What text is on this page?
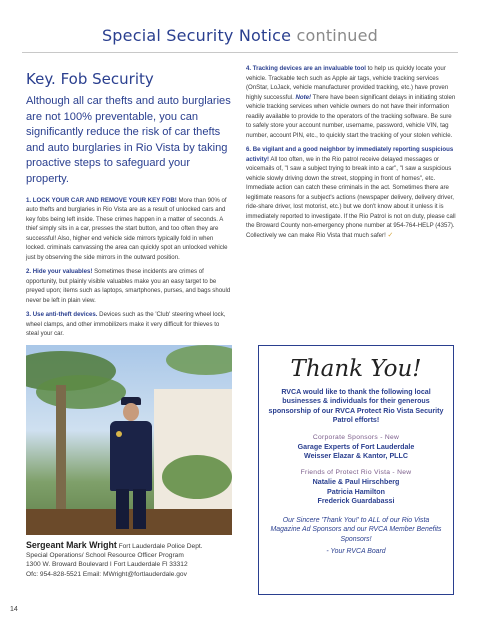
Special Security Notice continued
Key. Fob Security
Although all car thefts and auto burglaries are not 100% preventable, you can significantly reduce the risk of car thefts and auto burglaries in Rio Vista by taking proactive steps to safeguard your property.

1. LOCK YOUR CAR AND REMOVE YOUR KEY FOB! More than 90% of auto thefts and burglaries in Rio Vista are as a result of unlocked cars and key fobs being left inside. These crimes happen in a matter of seconds. A thief simply sits in a car, presses the start button, and too often they are successful! Also, higher end vehicle side mirrors typically fold in when locked. criminals canvassing the area can quickly spot an unlocked vehicle just by observing the side mirrors in the outward position.

2. Hide your valuables! Sometimes these incidents are crimes of opportunity, but plainly visible valuables make you an easy target to be preyed upon; items such as laptops, smartphones, purses, and bags should never be left in plain view.

3. Use anti-theft devices. Devices such as the 'Club' steering wheel lock, wheel clamps, and other immobilizers make it very difficult for thieves to steal your car.

Sergeant Mark Wright Fort Lauderdale Police Dept.
Special Operations/ School Resource Officer Program
1300 W. Broward Boulevard I Fort Lauderdale Fl 33312
Ofc: 954-828-5521 Email: MWright@fortlauderdale.gov

4. Tracking devices are an invaluable tool to help us quickly locate your vehicle. Trackable tech such as Apple air tags, vehicle tracking services (OnStar, LoJack, vehicle manufacturer provided tracking, etc.) have proven highly successful. Note! There have been significant delays in initiating stolen vehicle tracking services when vehicle owners do not have their information readily available to provide to the operators of the tracking software. Be sure to safely store your account number, username, password, vehicle VIN, tag number, account PIN, etc., to quickly start the tracking of your stolen vehicle.

6. Be vigilant and a good neighbor by immediately reporting suspicious activity! All too often, we in the Rio patrol receive delayed messages or voicemails of, "I saw a subject trying to break into a car", "I saw a suspicious vehicle slowly driving down the street, stopping in front of homes", etc. Immediate action can catch these criminals in the act. Sometimes there are legitimate reasons for a subject's actions (newspaper delivery, delivery driver, ride-share driver, lost motorist, etc.) but we don't know about it unless it is immediately reported to investigate. If the Rio Patrol is not on duty, please call the Broward County non-emergency phone number at 954-764-HELP (4357). Collectively we can make Rio Vista that much safer! ✓

Thank You!
RVCA would like to thank the following local businesses & individuals for their generous sponsorship of our RVCA Protect Rio Vista Security Patrol efforts!
Corporate Sponsors - New
Garage Experts of Fort Lauderdale
Weisser Elazar & Kantor, PLLC
Friends of Protect Rio Vista - New
Natalie & Paul Hirschberg
Patricia Hamilton
Frederick Guardabassi
Our Sincere 'Thank You!' to ALL of our Rio Vista Magazine Ad Sponsors and our RVCA Member Benefits Sponsors!
- Your RVCA Board
14
